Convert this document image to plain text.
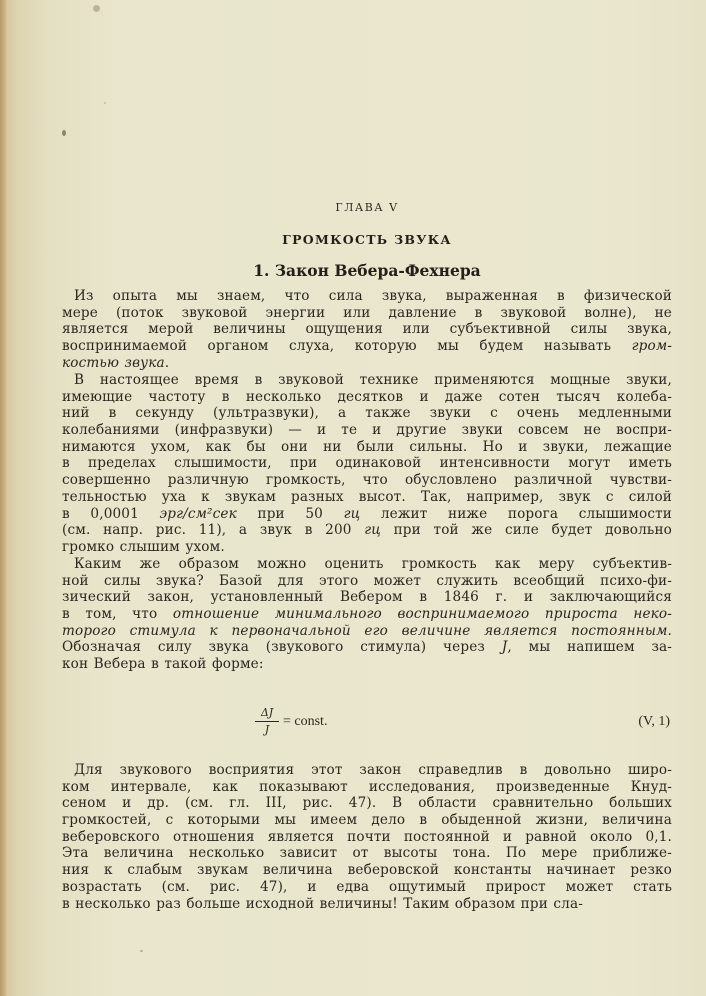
ГЛАВА V
ГРОМКОСТЬ ЗВУКА
1. Закон Вебера-Фехнера
Из опыта мы знаем, что сила звука, выраженная в физической
мере (поток звуковой энергии или давление в звуковой волне), не
является мерой величины ощущения или субъективной силы звука,
воспринимаемой органом слуха, которую мы будем называть гром-
костью звука.
В настоящее время в звуковой технике применяются мощные звуки,
имеющие частоту в несколько десятков и даже сотен тысяч колеба-
ний в секунду (ультразвуки), а также звуки с очень медленными
колебаниями (инфразвуки) — и те и другие звуки совсем не воспри-
нимаются ухом, как бы они ни были сильны. Но и звуки, лежащие
в пределах слышимости, при одинаковой интенсивности могут иметь
совершенно различную громкость, что обусловлено различной чувстви-
тельностью уха к звукам разных высот. Так, например, звук с силой
в 0,0001 эрг/см²сек при 50 гц лежит ниже порога слышимости
(см. напр. рис. 11), а звук в 200 гц при той же силе будет довольно
громко слышим ухом.
Каким же образом можно оценить громкость как меру субъектив-
ной силы звука? Базой для этого может служить всеобщий психо-фи-
зический закон, установленный Вебером в 1846 г. и заключающийся
в том, что отношение минимального воспринимаемого прироста неко-
торого стимула к первоначальной его величине является постоянным.
Обозначая силу звука (звукового стимула) через J, мы напишем за-
кон Вебера в такой форме:
Для звукового восприятия этот закон справедлив в довольно широ-
ком интервале, как показывают исследования, произведенные Кнуд-
сеном и др. (см. гл. III, рис. 47). В области сравнительно больших
громкостей, с которыми мы имеем дело в обыденной жизни, величина
веберовского отношения является почти постоянной и равной около 0,1.
Эта величина несколько зависит от высоты тона. По мере приближе-
ния к слабым звукам величина веберовской константы начинает резко
возрастать (см. рис. 47), и едва ощутимый прирост может стать
в несколько раз больше исходной величины! Таким образом при сла-
ΔJ
J
= const.	(V, 1)
